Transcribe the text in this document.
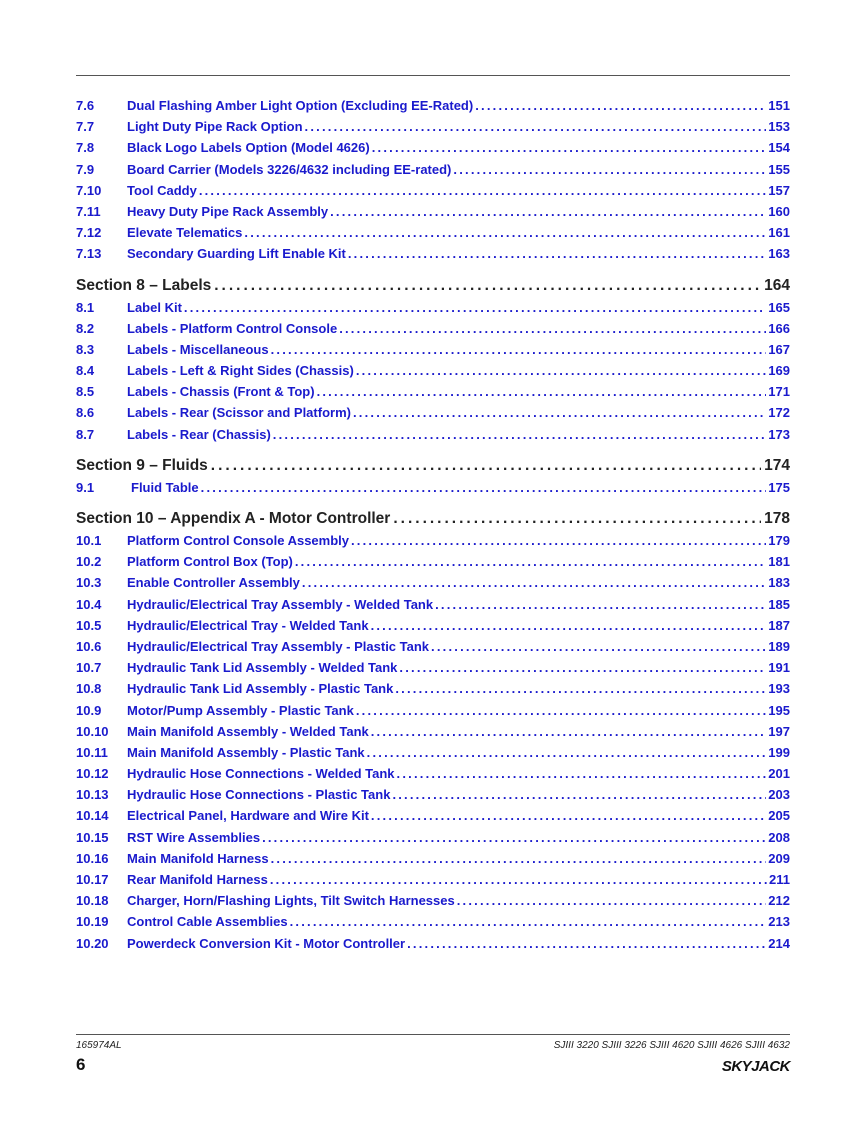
7.6	Dual Flashing Amber Light Option (Excluding EE-Rated) .....	151
7.7	Light Duty Pipe Rack Option .....	153
7.8	Black Logo Labels Option (Model 4626) .....	154
7.9	Board Carrier (Models 3226/4632 including EE-rated) .....	155
7.10	Tool Caddy .....	157
7.11	Heavy Duty Pipe Rack Assembly .....	160
7.12	Elevate Telematics .....	161
7.13	Secondary Guarding Lift Enable Kit .....	163
Section 8 – Labels .....	164
8.1	Label Kit .....	165
8.2	Labels - Platform Control Console .....	166
8.3	Labels - Miscellaneous .....	167
8.4	Labels - Left & Right Sides (Chassis) .....	169
8.5	Labels - Chassis (Front & Top) .....	171
8.6	Labels - Rear (Scissor and Platform) .....	172
8.7	Labels - Rear (Chassis) .....	173
Section 9 – Fluids .....	174
9.1	Fluid Table .....	175
Section 10 – Appendix A - Motor Controller .....	178
10.1	Platform Control Console Assembly .....	179
10.2	Platform Control Box (Top) .....	181
10.3	Enable Controller Assembly .....	183
10.4	Hydraulic/Electrical Tray Assembly - Welded Tank .....	185
10.5	Hydraulic/Electrical Tray - Welded Tank .....	187
10.6	Hydraulic/Electrical Tray Assembly - Plastic Tank .....	189
10.7	Hydraulic Tank Lid Assembly - Welded Tank .....	191
10.8	Hydraulic Tank Lid Assembly - Plastic Tank .....	193
10.9	Motor/Pump Assembly - Plastic Tank .....	195
10.10	Main Manifold Assembly - Welded Tank .....	197
10.11	Main Manifold Assembly - Plastic Tank .....	199
10.12	Hydraulic Hose Connections - Welded Tank .....	201
10.13	Hydraulic Hose Connections - Plastic Tank .....	203
10.14	Electrical Panel, Hardware and Wire Kit .....	205
10.15	RST Wire Assemblies .....	208
10.16	Main Manifold Harness .....	209
10.17	Rear Manifold Harness .....	211
10.18	Charger, Horn/Flashing Lights, Tilt Switch Harnesses .....	212
10.19	Control Cable Assemblies .....	213
10.20	Powerdeck Conversion Kit - Motor Controller .....	214
165974AL	SJIII 3220 SJIII 3226 SJIII 4620 SJIII 4626 SJIII 4632
6	SKYJACK
